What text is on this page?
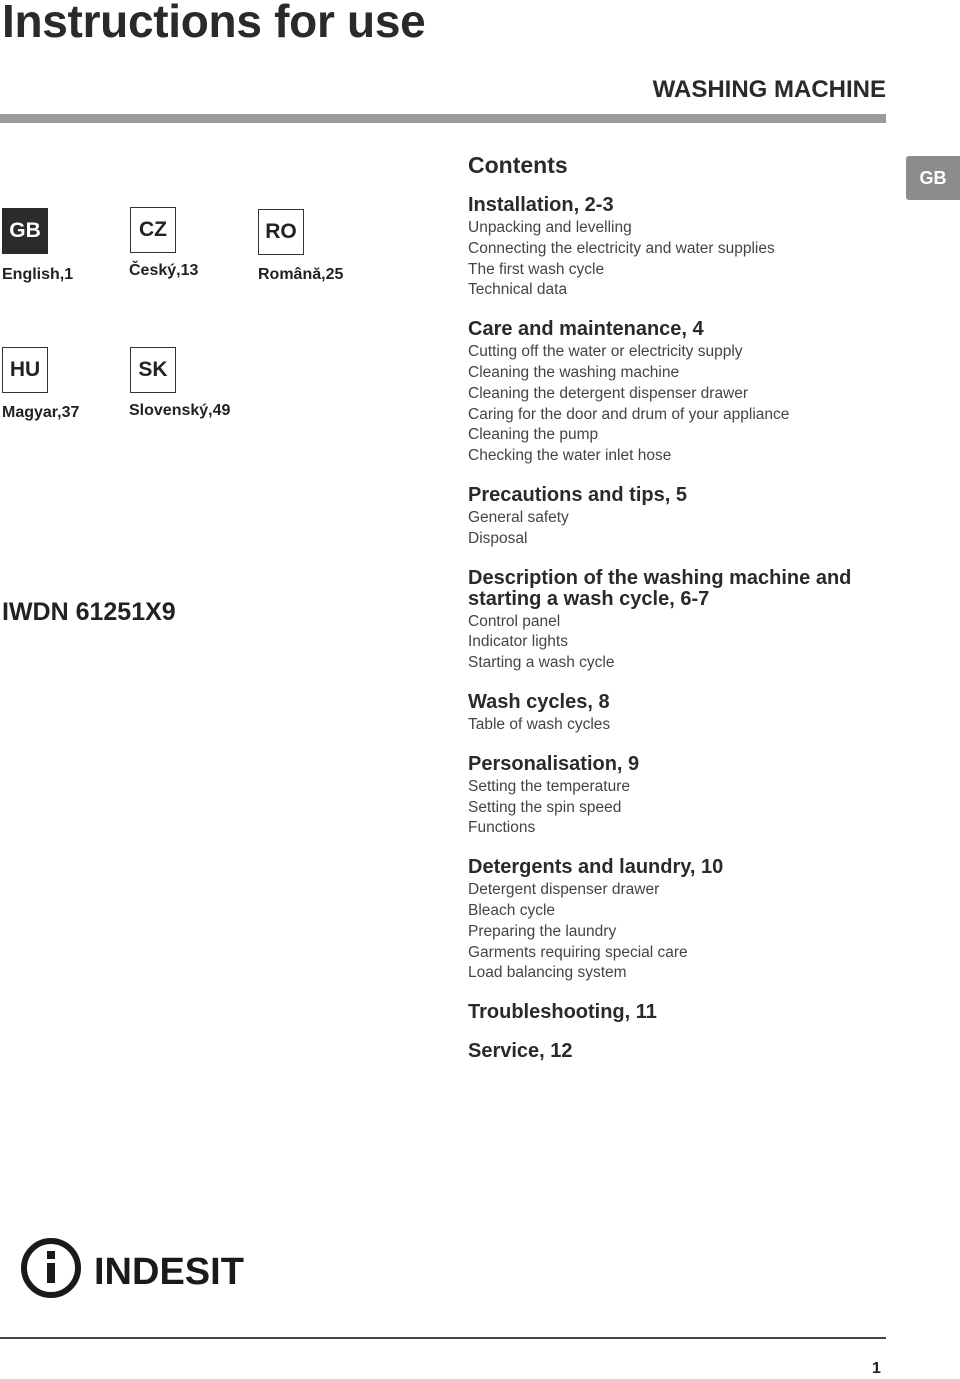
Instructions for use
WASHING MACHINE
GB
GB
English,1
CZ
Český,13
RO
Română,25
HU
Magyar,37
SK
Slovenský,49
IWDN 61251X9
Contents
Installation, 2-3
Unpacking and levelling
Connecting the electricity and water supplies
The first wash cycle
Technical data
Care and maintenance, 4
Cutting off the water or electricity supply
Cleaning the washing machine
Cleaning the detergent dispenser drawer
Caring for the door and drum of your appliance
Cleaning the pump
Checking the water inlet hose
Precautions and tips, 5
General safety
Disposal
Description of the washing machine and starting a wash cycle, 6-7
Control panel
Indicator lights
Starting a wash cycle
Wash cycles, 8
Table of wash cycles
Personalisation, 9
Setting the temperature
Setting the spin speed
Functions
Detergents and laundry, 10
Detergent dispenser drawer
Bleach cycle
Preparing the laundry
Garments requiring special care
Load balancing system
Troubleshooting, 11
Service, 12
INDESIT
1
